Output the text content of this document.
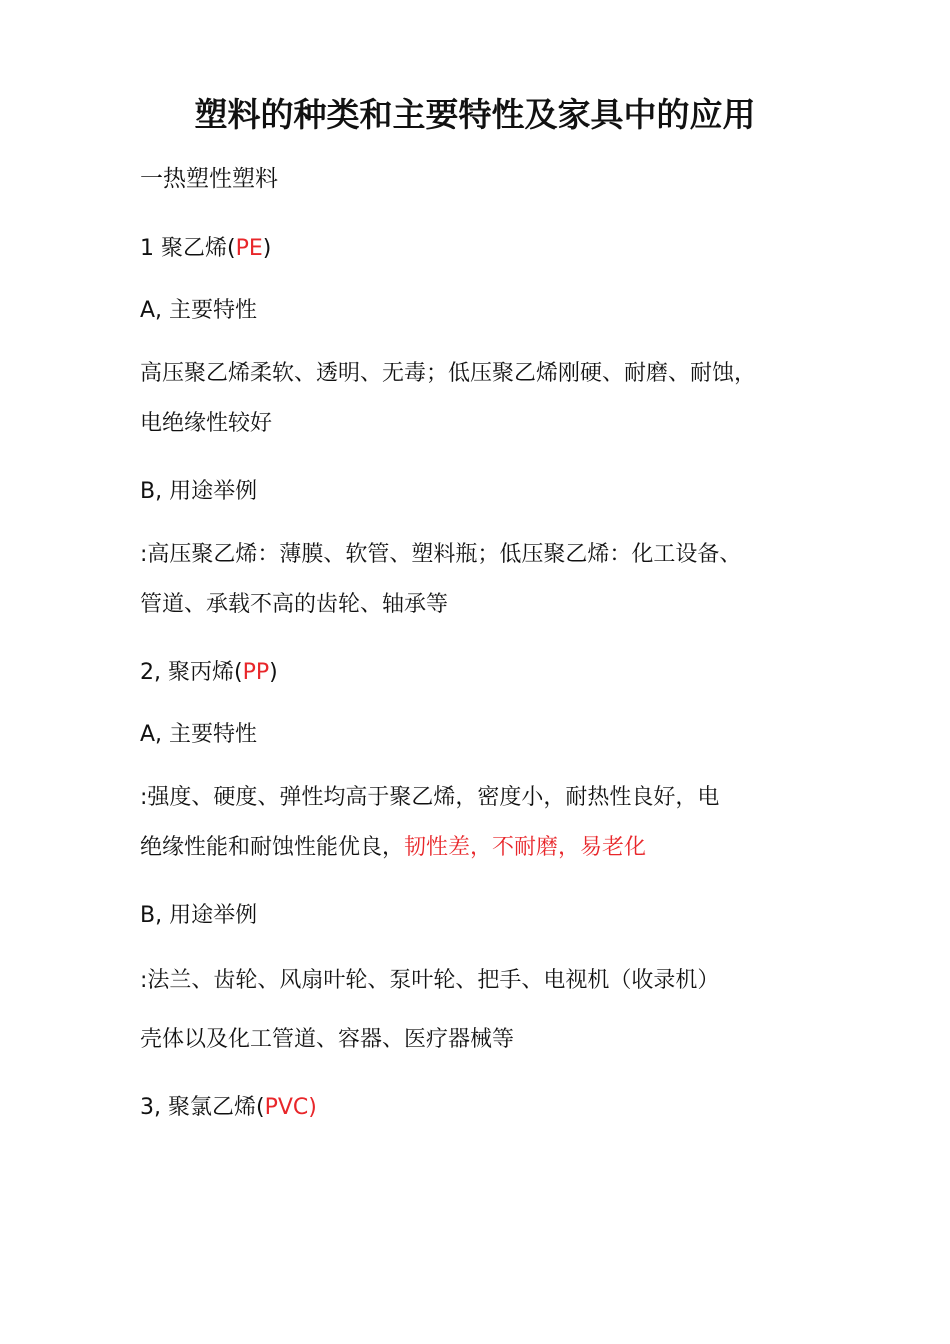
塑料的种类和主要特性及家具中的应用

一热塑性塑料

1 聚乙烯(PE)

A, 主要特性

高压聚乙烯柔软、透明、无毒；低压聚乙烯刚硬、耐磨、耐蚀，

电绝缘性较好

B, 用途举例

:高压聚乙烯：薄膜、软管、塑料瓶；低压聚乙烯：化工设备、

管道、承载不高的齿轮、轴承等

2, 聚丙烯(PP)

A, 主要特性

:强度、硬度、弹性均高于聚乙烯，密度小，耐热性良好，电

绝缘性能和耐蚀性能优良，韧性差，不耐磨，易老化

B, 用途举例

:法兰、齿轮、风扇叶轮、泵叶轮、把手、电视机（收录机）

壳体以及化工管道、容器、医疗器械等

3, 聚氯乙烯(PVC)
